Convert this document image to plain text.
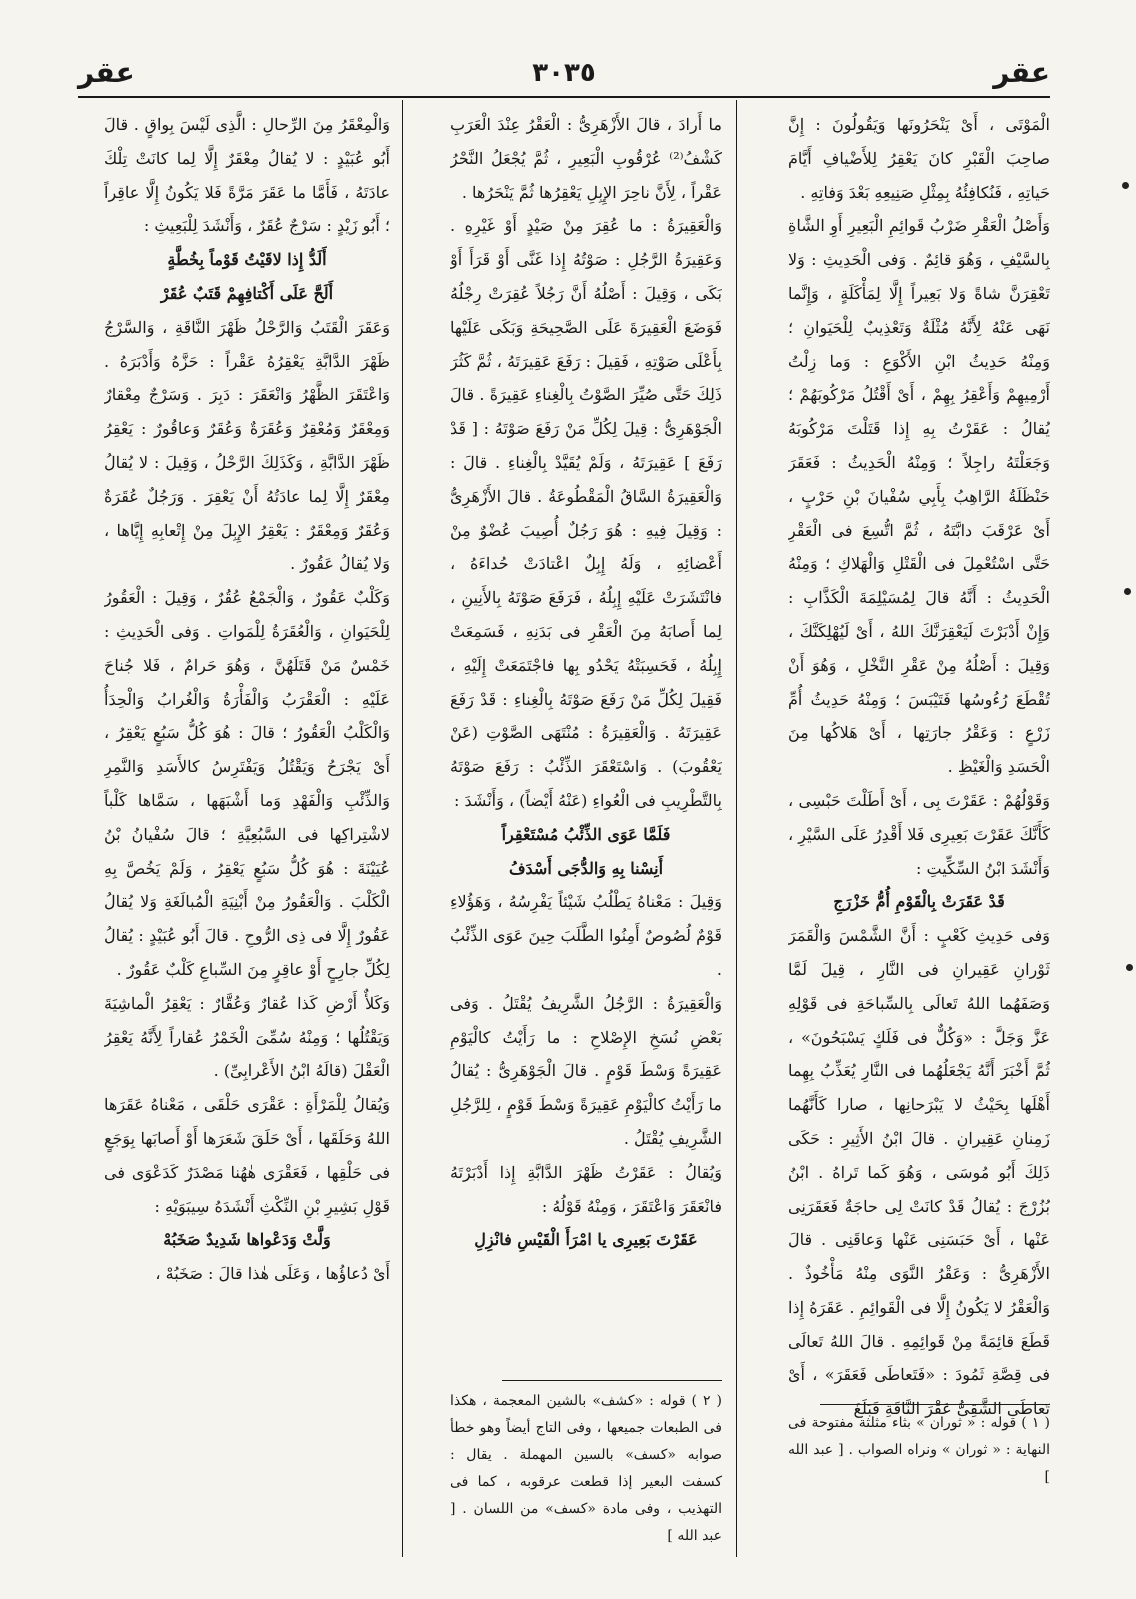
عقر
٣٠٣٥
عقر

الْمَوْتَى ، أَىْ يَنْحَرُونَها وَيَقُولُونَ : إِنَّ صاحِبَ الْقَبْرِ كانَ يَعْقِرُ لِلأَضْيافِ أَيَّامَ حَياتِهِ ، فَنُكافِئُهُ بِمِثْلِ صَنِيعِهِ بَعْدَ وَفاتِهِ .

وَأَصْلُ الْعَقْرِ ضَرْبُ قَوائِمِ الْبَعِيرِ أَوِ الشَّاةِ بِالسَّيْفِ ، وَهُوَ قائِمٌ . وَفى الْحَدِيثِ : وَلا تَعْقِرَنَّ شاةً وَلا بَعِيراً إِلَّا لِمَأْكَلَةٍ ، وَإِنَّما نَهَى عَنْهُ لِأَنَّهُ مُثْلَةٌ وَتَعْذِيبٌ لِلْحَيَوانِ ؛ وَمِنْهُ حَدِيثُ ابْنِ الأَكْوَعِ : وَما زِلْتُ أَرْمِيهِمْ وَأَعْقِرُ بِهِمْ ، أَىْ أَقْتُلُ مَرْكُوبَهُمْ ؛ يُقالُ : عَقَرْتُ بِهِ إِذا قَتَلْتَ مَرْكُوبَهُ وَجَعَلْتَهُ راجِلاً ؛ وَمِنْهُ الْحَدِيثُ : فَعَقَرَ حَنْظَلَةُ الرَّاهِبُ بِأَبِي سُفْيانَ بْنِ حَرْبٍ ، أَىْ عَرْقَبَ دابَّتَهُ ، ثُمَّ اتُّسِعَ فى الْعَقْرِ حَتَّى اسْتُعْمِلَ فى الْقَتْلِ وَالْهَلاكِ ؛ وَمِنْهُ الْحَدِيثُ : أَنَّهُ قالَ لِمُسَيْلِمَةَ الْكَذَّابِ : وَإِنْ أَدْبَرْتَ لَيَعْقِرَنَّكَ اللهُ ، أَىْ لَيُهْلِكَنَّكَ ، وَقِيلَ : أَصْلُهُ مِنْ عَقْرِ النَّخْلِ ، وَهُوَ أَنْ تُقْطَعَ رُءُوسُها فَتَيْبَسَ ؛ وَمِنْهُ حَدِيثُ أُمِّ زَرْعٍ : وَعَقْرُ جارَتِها ، أَىْ هَلاكُها مِنَ الْحَسَدِ وَالْغَيْظِ .

وَقَوْلُهُمْ : عَقَرْتَ بِى ، أَىْ أَطَلْتَ حَبْسِى ، كَأَنَّكَ عَقَرْتَ بَعِيرِى فَلا أَقْدِرُ عَلَى السَّيْرِ ، وَأَنْشَدَ ابْنُ السِّكِّيتِ :

قَدْ عَقَرَتْ بِالْقَوْمِ أُمُّ خَزْرَجِ

وَفى حَدِيثِ كَعْبٍ : أَنَّ الشَّمْسَ وَالْقَمَرَ ثَوْرانِ عَقِيرانِ فى النَّارِ ، قِيلَ لَمَّا وَصَفَهُما اللهُ تَعالَى بِالسِّباحَةِ فى قَوْلِهِ عَزَّ وَجَلَّ : «وَكُلٌّ فى فَلَكٍ يَسْبَحُونَ» ، ثُمَّ أَخْبَرَ أَنَّهُ يَجْعَلُهُما فى النَّارِ يُعَذِّبُ بِهِما أَهْلَها بِحَيْثُ لا يَبْرَحانِها ، صارا كَأَنَّهُما زَمِنانِ عَقِيرانِ . قالَ ابْنُ الأَثِيرِ : حَكَى ذَلِكَ أَبُو مُوسَى ، وَهُوَ كَما تَراهُ . ابْنُ بُزُرْجَ : يُقالُ قَدْ كانَتْ لِى حاجَةٌ فَعَقَرَنِى عَنْها ، أَىْ حَبَسَنِى عَنْها وَعاقَنِى . قالَ الأَزْهَرِىُّ : وَعَقْرُ النَّوَى مِنْهُ مَأْخُوذٌ . وَالْعَقْرُ لا يَكُونُ إِلَّا فى الْقَوائِمِ . عَقَرَهُ إِذا قَطَعَ قائِمَةً مِنْ قَوائِمِهِ . قالَ اللهُ تَعالَى فى قِصَّةِ ثَمُودَ : «فَتَعاطَى فَعَقَرَ» ، أَىْ تَعاطَى الشَّقِىُّ عَقْرَ النَّاقَةِ فَبَلَغَ

ما أَرادَ ، قالَ الأَزْهَرِىُّ : الْعَقْرُ عِنْدَ الْعَرَبِ كَشْفُ⁽²⁾ عُرْقُوبِ الْبَعِيرِ ، ثُمَّ يُجْعَلُ النَّحْرُ عَقْراً ، لِأَنَّ ناحِرَ الإِبِلِ يَعْقِرُها ثُمَّ يَنْحَرُها .

وَالْعَقِيرَةُ : ما عُقِرَ مِنْ صَيْدٍ أَوْ غَيْرِهِ . وَعَقِيرَةُ الرَّجُلِ : صَوْتُهُ إِذا غَنَّى أَوْ قَرَأَ أَوْ بَكَى ، وَقِيلَ : أَصْلُهُ أَنَّ رَجُلاً عُقِرَتْ رِجْلُهُ فَوَضَعَ الْعَقِيرَةَ عَلَى الصَّحِيحَةِ وَبَكَى عَلَيْها بِأَعْلَى صَوْتِهِ ، فَقِيلَ : رَفَعَ عَقِيرَتَهُ ، ثُمَّ كَثُرَ ذَلِكَ حَتَّى صُيِّرَ الصَّوْتُ بِالْغِناءِ عَقِيرَةً . قالَ الْجَوْهَرِىُّ : قِيلَ لِكُلِّ مَنْ رَفَعَ صَوْتَهُ : [ قَدْ رَفَعَ ] عَقِيرَتَهُ ، وَلَمْ يُقَيَّدْ بِالْغِناءِ . قالَ : وَالْعَقِيرَةُ السَّاقُ الْمَقْطُوعَةُ . قالَ الأَزْهَرِىُّ : وَقِيلَ فِيهِ : هُوَ رَجُلٌ أُصِيبَ عُضْوٌ مِنْ أَعْضائِهِ ، وَلَهُ إِبِلٌ اعْتادَتْ حُداءَهُ ، فانْتَشَرَتْ عَلَيْهِ إِبِلُهُ ، فَرَفَعَ صَوْتَهُ بِالأَنِينِ ، لِما أَصابَهُ مِنَ الْعَقْرِ فى بَدَنِهِ ، فَسَمِعَتْ إِبِلُهُ ، فَحَسِبَتْهُ يَحْدُو بِها فاجْتَمَعَتْ إِلَيْهِ ، فَقِيلَ لِكُلِّ مَنْ رَفَعَ صَوْتَهُ بِالْغِناءِ : قَدْ رَفَعَ عَقِيرَتَهُ . وَالْعَقِيرَةُ : مُنْتَهَى الصَّوْتِ (عَنْ يَعْقُوبَ) . وَاسْتَعْقَرَ الذِّئْبُ : رَفَعَ صَوْتَهُ بِالتَّطْرِيبِ فى الْعُواءِ (عَنْهُ أَيْضاً) ، وَأَنْشَدَ :

فَلَمَّا عَوَى الذِّئْبُ مُسْتَعْقِراً

أَنِسْنا بِهِ وَالدُّجَى أَسْدَفُ

وَقِيلَ : مَعْناهُ يَطْلُبُ شَيْئاً يَفْرِسُهُ ، وَهَؤُلاءِ قَوْمٌ لُصُوصٌ أَمِنُوا الطَّلَبَ حِينَ عَوَى الذِّئْبُ .

وَالْعَقِيرَةُ : الرَّجُلُ الشَّرِيفُ يُقْتَلُ . وَفى بَعْضِ نُسَخِ الإِصْلاحِ : ما رَأَيْتُ كالْيَوْمِ عَقِيرَةً وَسْطَ قَوْمٍ . قالَ الْجَوْهَرِىُّ : يُقالُ ما رَأَيْتُ كالْيَوْمِ عَقِيرَةً وَسْطَ قَوْمٍ ، لِلرَّجُلِ الشَّرِيفِ يُقْتَلُ .

وَيُقالُ : عَقَرْتُ ظَهْرَ الدَّابَّةِ إِذا أَدْبَرْتَهُ فانْعَقَرَ وَاعْتَقَرَ ، وَمِنْهُ قَوْلُهُ :

عَقَرْتَ بَعِيرِى يا امْرَأَ الْقَيْسِ فانْزِلِ

وَالْمِعْقَرُ مِنَ الرِّحالِ : الَّذِى لَيْسَ بِواقٍ . قالَ أَبُو عُبَيْدٍ : لا يُقالُ مِعْقَرٌ إِلَّا لِما كانَتْ تِلْكَ عادَتَهُ ، فَأَمَّا ما عَقَرَ مَرَّةً فَلا يَكُونُ إِلَّا عاقِراً ؛ أَبُو زَيْدٍ : سَرْجٌ عُقَرٌ ، وَأَنْشَدَ لِلْبَعِيثِ :

أَلَدُّ إِذا لاقَيْتُ قَوْماً بِخُطَّةٍ

أَلَحَّ عَلَى أَكْتافِهِمْ قَتَبٌ عُقَرْ

وَعَقَرَ الْقَتَبُ وَالرَّحْلُ ظَهْرَ النَّاقَةِ ، وَالسَّرْجُ ظَهْرَ الدَّابَّةِ يَعْقِرُهُ عَقْراً : حَزَّهُ وَأَدْبَرَهُ . وَاعْتَقَرَ الظَّهْرُ وَانْعَقَرَ : دَبِرَ . وَسَرْجٌ مِعْقارٌ وَمِعْقَرٌ وَمُعْقِرٌ وَعُقَرَةٌ وَعُقَرٌ وَعاقُورٌ : يَعْقِرُ ظَهْرَ الدَّابَّةِ ، وَكَذَلِكَ الرَّحْلُ ، وَقِيلَ : لا يُقالُ مِعْقَرٌ إِلَّا لِما عادَتُهُ أَنْ يَعْقِرَ . وَرَجُلٌ عُقَرَةٌ وَعُقَرٌ وَمِعْقَرٌ : يَعْقِرُ الإِبِلَ مِنْ إِتْعابِهِ إِيَّاها ، وَلا يُقالُ عَقُورٌ .

وَكَلْبٌ عَقُورٌ ، وَالْجَمْعُ عُقُرٌ ، وَقِيلَ : الْعَقُورُ لِلْحَيَوانِ ، وَالْعُقَرَةُ لِلْمَواتِ . وَفى الْحَدِيثِ : خَمْسٌ مَنْ قَتَلَهُنَّ ، وَهُوَ حَرامٌ ، فَلا جُناحَ عَلَيْهِ : الْعَقْرَبُ وَالْفَأْرَةُ وَالْغُرابُ وَالْحِدَأُ وَالْكَلْبُ الْعَقُورُ ؛ قالَ : هُوَ كُلُّ سَبُعٍ يَعْقِرُ ، أَىْ يَجْرَحُ وَيَقْتُلُ وَيَفْتَرِسُ كالأَسَدِ وَالنَّمِرِ وَالذِّئْبِ وَالْفَهْدِ وَما أَشْبَهَها ، سَمَّاها كَلْباً لاشْتِراكِها فى السَّبُعِيَّةِ ؛ قالَ سُفْيانُ بْنُ عُيَيْنَةَ : هُوَ كُلُّ سَبُعٍ يَعْقِرُ ، وَلَمْ يَخُصَّ بِهِ الْكَلْبَ . وَالْعَقُورُ مِنْ أَبْنِيَةِ الْمُبالَغَةِ وَلا يُقالُ عَقُورٌ إِلَّا فى ذِى الرُّوحِ . قالَ أَبُو عُبَيْدٍ : يُقالُ لِكُلِّ جارِحٍ أَوْ عاقِرٍ مِنَ السِّباعِ كَلْبٌ عَقُورٌ .

وَكَلأٌ أَرْضِ كَذا عُقارٌ وَعُقَّارٌ : يَعْقِرُ الْماشِيَةَ وَيَقْتُلُها ؛ وَمِنْهُ سُمِّىَ الْخَمْرُ عُقاراً لِأَنَّهُ يَعْقِرُ الْعَقْلَ (قالَهُ ابْنُ الأَعْرابِىِّ) .

وَيُقالُ لِلْمَرْأَةِ : عَقْرَى حَلْقَى ، مَعْناهُ عَقَرَها اللهُ وَحَلَقَها ، أَىْ حَلَقَ شَعَرَها أَوْ أَصابَها بِوَجَعٍ فى حَلْقِها ، فَعَقْرَى هٰهُنا مَصْدَرٌ كَدَعْوَى فى قَوْلِ بَشِيرِ بْنِ النِّكْثِ أَنْشَدَهُ سِيبَوَيْهِ :

وَلَّتْ وَدَعْواها شَدِيدٌ صَخَبُهْ

أَىْ دُعاؤُها ، وَعَلَى هٰذا قالَ : صَخَبُهْ ،

( ٢ ) قوله : «كشف» بالشين المعجمة ، هكذا فى الطبعات جميعها ، وفى التاج أيضاً وهو خطأ صوابه «كسف» بالسين المهملة . يقال : كسفت البعير إذا قطعت عرقوبه ، كما فى التهذيب ، وفى مادة «كسف» من اللسان . [ عبد الله ]
( ١ ) قوله : « ثوران » بثاء مثلثة مفتوحة فى النهاية : « ثوران » ونراه الصواب . [ عبد الله ]
